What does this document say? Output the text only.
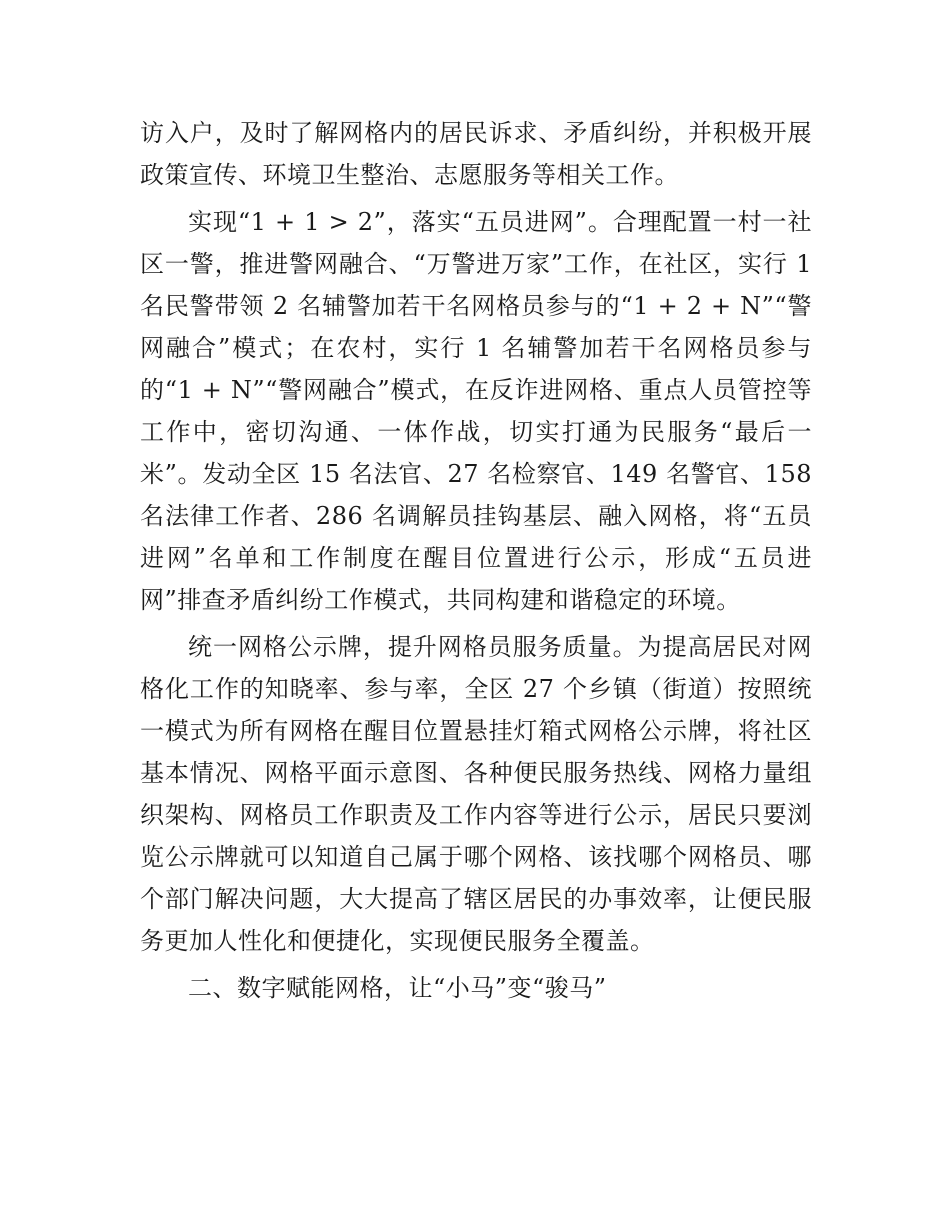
访入户，及时了解网格内的居民诉求、矛盾纠纷，并积极开展政策宣传、环境卫生整治、志愿服务等相关工作。

实现“1 + 1 > 2”，落实“五员进网”。合理配置一村一社区一警，推进警网融合、“万警进万家”工作，在社区，实行 1 名民警带领 2 名辅警加若干名网格员参与的“1 + 2 + N”“警网融合”模式；在农村，实行 1 名辅警加若干名网格员参与的“1 + N”“警网融合”模式，在反诈进网格、重点人员管控等工作中，密切沟通、一体作战，切实打通为民服务“最后一米”。发动全区 15 名法官、27 名检察官、149 名警官、158 名法律工作者、286 名调解员挂钩基层、融入网格，将“五员进网”名单和工作制度在醒目位置进行公示，形成“五员进网”排查矛盾纠纷工作模式，共同构建和谐稳定的环境。

统一网格公示牌，提升网格员服务质量。为提高居民对网格化工作的知晓率、参与率，全区 27 个乡镇（街道）按照统一模式为所有网格在醒目位置悬挂灯箱式网格公示牌，将社区基本情况、网格平面示意图、各种便民服务热线、网格力量组织架构、网格员工作职责及工作内容等进行公示，居民只要浏览公示牌就可以知道自己属于哪个网格、该找哪个网格员、哪个部门解决问题，大大提高了辖区居民的办事效率，让便民服务更加人性化和便捷化，实现便民服务全覆盖。

二、数字赋能网格，让“小马”变“骏马”
